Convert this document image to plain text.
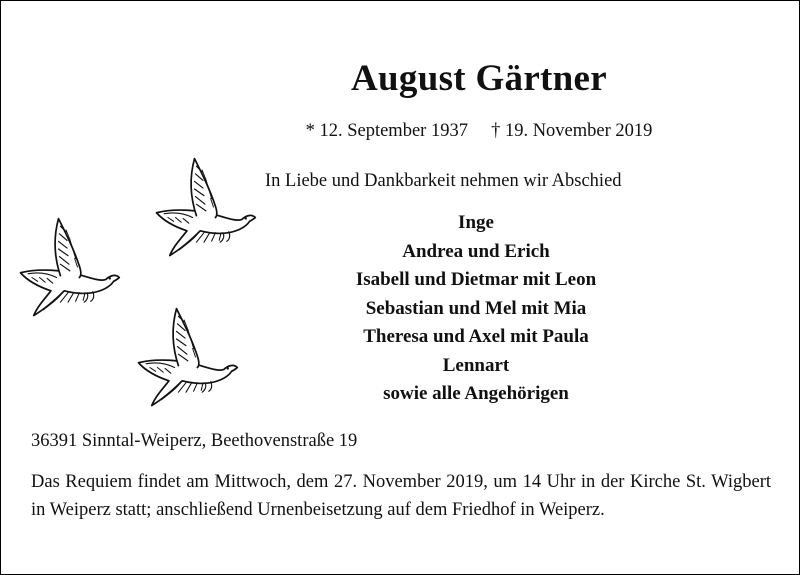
August Gärtner
* 12. September 1937     † 19. November 2019
In Liebe und Dankbarkeit nehmen wir Abschied
Inge
Andrea und Erich
Isabell und Dietmar mit Leon
Sebastian und Mel mit Mia
Theresa und Axel mit Paula
Lennart
sowie alle Angehörigen
36391 Sinntal-Weiperz, Beethovenstraße 19
Das Requiem findet am Mittwoch, dem 27. November 2019, um 14 Uhr in der Kirche St. Wigbert in Weiperz statt; anschließend Urnenbeisetzung auf dem Friedhof in Weiperz.
